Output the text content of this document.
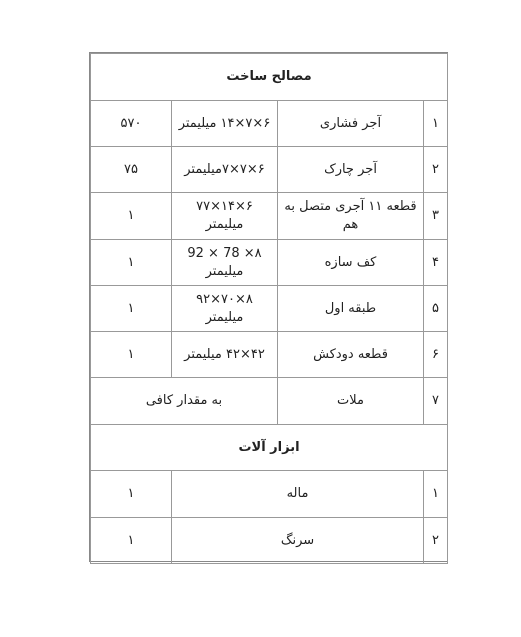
مصالح ساخت			
۱	آجر فشاری	۶×۷×۱۴ میلیمتر	۵۷۰
۲	آجر چارک	۶×۷×۷میلیمتر	۷۵
۳	قطعه ۱۱ آجری متصل به هم	۶×۱۴×۷۷ میلیمتر	۱
۴	کف سازه	۸× 78 × 92 میلیمتر	۱
۵	طبقه اول	۸×۷۰×۹۲ میلیمتر	۱
۶	قطعه دودکش	۴۲×۴۲ میلیمتر	۱
۷	ملات	به مقدار کافی	
ابزار آلات			
۱	ماله		۱
۲	سرنگ		۱
